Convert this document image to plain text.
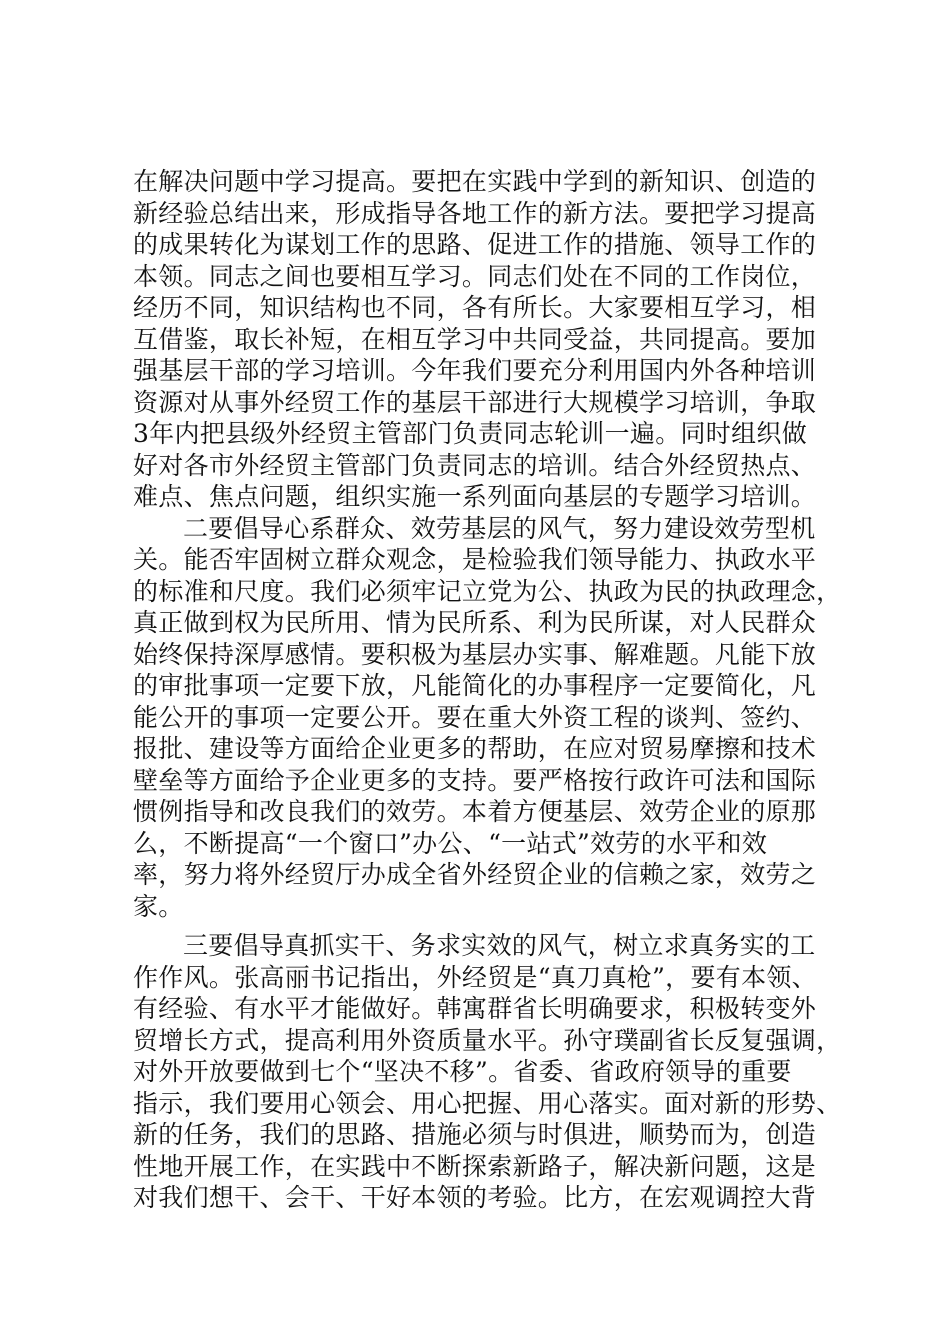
在解决问题中学习提高。要把在实践中学到的新知识、创造的
新经验总结出来，形成指导各地工作的新方法。要把学习提高
的成果转化为谋划工作的思路、促进工作的措施、领导工作的
本领。同志之间也要相互学习。同志们处在不同的工作岗位，
经历不同，知识结构也不同，各有所长。大家要相互学习，相
互借鉴，取长补短，在相互学习中共同受益，共同提高。要加
强基层干部的学习培训。今年我们要充分利用国内外各种培训
资源对从事外经贸工作的基层干部进行大规模学习培训，争取
3年内把县级外经贸主管部门负责同志轮训一遍。同时组织做
好对各市外经贸主管部门负责同志的培训。结合外经贸热点、
难点、焦点问题，组织实施一系列面向基层的专题学习培训。
二要倡导心系群众、效劳基层的风气，努力建设效劳型机
关。能否牢固树立群众观念，是检验我们领导能力、执政水平
的标准和尺度。我们必须牢记立党为公、执政为民的执政理念，
真正做到权为民所用、情为民所系、利为民所谋，对人民群众
始终保持深厚感情。要积极为基层办实事、解难题。凡能下放
的审批事项一定要下放，凡能简化的办事程序一定要简化，凡
能公开的事项一定要公开。要在重大外资工程的谈判、签约、
报批、建设等方面给企业更多的帮助，在应对贸易摩擦和技术
壁垒等方面给予企业更多的支持。要严格按行政许可法和国际
惯例指导和改良我们的效劳。本着方便基层、效劳企业的原那
么，不断提高“一个窗口”办公、“一站式”效劳的水平和效
率，努力将外经贸厅办成全省外经贸企业的信赖之家，效劳之
家。
三要倡导真抓实干、务求实效的风气，树立求真务实的工
作作风。张高丽书记指出，外经贸是“真刀真枪”，要有本领、
有经验、有水平才能做好。韩寓群省长明确要求，积极转变外
贸增长方式，提高利用外资质量水平。孙守璞副省长反复强调，
对外开放要做到七个“坚决不移”。省委、省政府领导的重要
指示，我们要用心领会、用心把握、用心落实。面对新的形势、
新的任务，我们的思路、措施必须与时俱进，顺势而为，创造
性地开展工作，在实践中不断探索新路子，解决新问题，这是
对我们想干、会干、干好本领的考验。比方，在宏观调控大背
